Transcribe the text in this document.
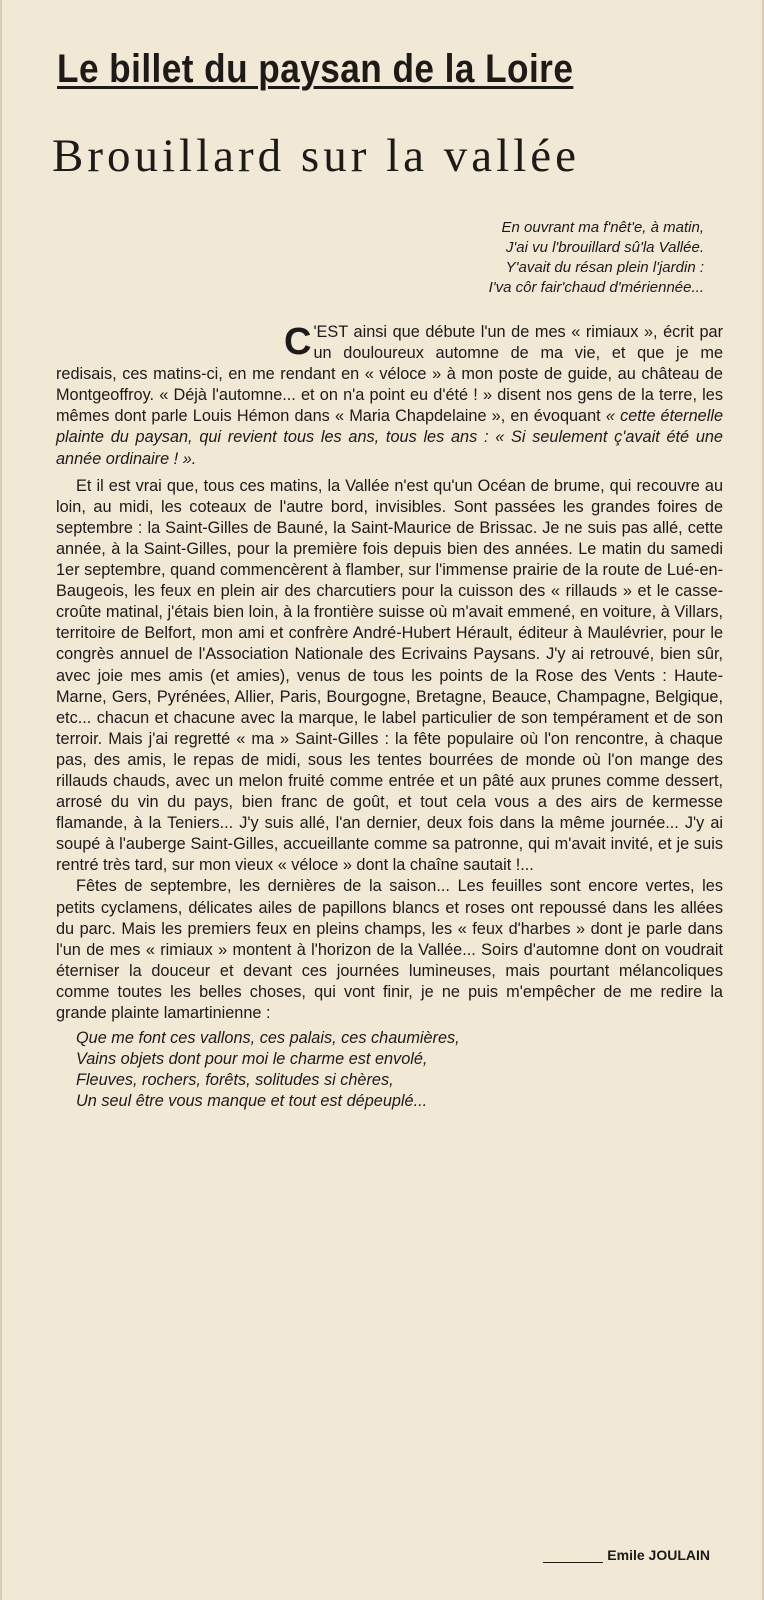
Le billet du paysan de la Loire
Brouillard sur la vallée
En ouvrant ma f'nêt'e, à matin,
J'ai vu l'brouillard sû'la Vallée.
Y'avait du résan plein l'jardin :
I'va côr fair'chaud d'mériennée...

C 'EST ainsi que débute l'un de mes « rimiaux », écrit par un douloureux automne de ma vie, et que je me redisais, ces matins-ci, en me rendant en « véloce » à mon poste de guide, au château de Montgeoffroy. « Déjà l'automne... et on n'a point eu d'été ! » disent nos gens de la terre, les mêmes dont parle Louis Hémon dans « Maria Chapdelaine », en évoquant « cette éternelle plainte du paysan, qui revient tous les ans, tous les ans : « Si seulement ç'avait été une année ordinaire ! ».

Et il est vrai que, tous ces matins, la Vallée n'est qu'un Océan de brume, qui recouvre au loin, au midi, les coteaux de l'autre bord, invisibles. Sont passées les grandes foires de septembre : la Saint-Gilles de Bauné, la Saint-Maurice de Brissac. Je ne suis pas allé, cette année, à la Saint-Gilles, pour la première fois depuis bien des années. Le matin du samedi 1er septembre, quand commencèrent à flamber, sur l'immense prairie de la route de Lué-en-Baugeois, les feux en plein air des charcutiers pour la cuisson des « rillauds » et le casse-croûte matinal, j'étais bien loin, à la frontière suisse où m'avait emmené, en voiture, à Villars, territoire de Belfort, mon ami et confrère André-Hubert Hérault, éditeur à Maulévrier, pour le congrès annuel de l'Association Nationale des Ecrivains Paysans. J'y ai retrouvé, bien sûr, avec joie mes amis (et amies), venus de tous les points de la Rose des Vents : Haute-Marne, Gers, Pyrénées, Allier, Paris, Bourgogne, Bretagne, Beauce, Champagne, Belgique, etc... chacun et chacune avec la marque, le label particulier de son tempérament et de son terroir. Mais j'ai regretté « ma » Saint-Gilles : la fête populaire où l'on rencontre, à chaque pas, des amis, le repas de midi, sous les tentes bourrées de monde où l'on mange des rillauds chauds, avec un melon fruité comme entrée et un pâté aux prunes comme dessert, arrosé du vin du pays, bien franc de goût, et tout cela vous a des airs de kermesse flamande, à la Teniers... J'y suis allé, l'an dernier, deux fois dans la même journée... J'y ai soupé à l'auberge Saint-Gilles, accueillante comme sa patronne, qui m'avait invité, et je suis rentré très tard, sur mon vieux « véloce » dont la chaîne sautait !...

Fêtes de septembre, les dernières de la saison... Les feuilles sont encore vertes, les petits cyclamens, délicates ailes de papillons blancs et roses ont repoussé dans les allées du parc. Mais les premiers feux en pleins champs, les « feux d'harbes » dont je parle dans l'un de mes « rimiaux » montent à l'horizon de la Vallée... Soirs d'automne dont on voudrait éterniser la douceur et devant ces journées lumineuses, mais pourtant mélancoliques comme toutes les belles choses, qui vont finir, je ne puis m'empêcher de me redire la grande plainte lamartinienne :

Que me font ces vallons, ces palais, ces chaumières,
Vains objets dont pour moi le charme est envolé,
Fleuves, rochers, forêts, solitudes si chères,
Un seul être vous manque et tout est dépeuplé...
Emile JOULAIN
